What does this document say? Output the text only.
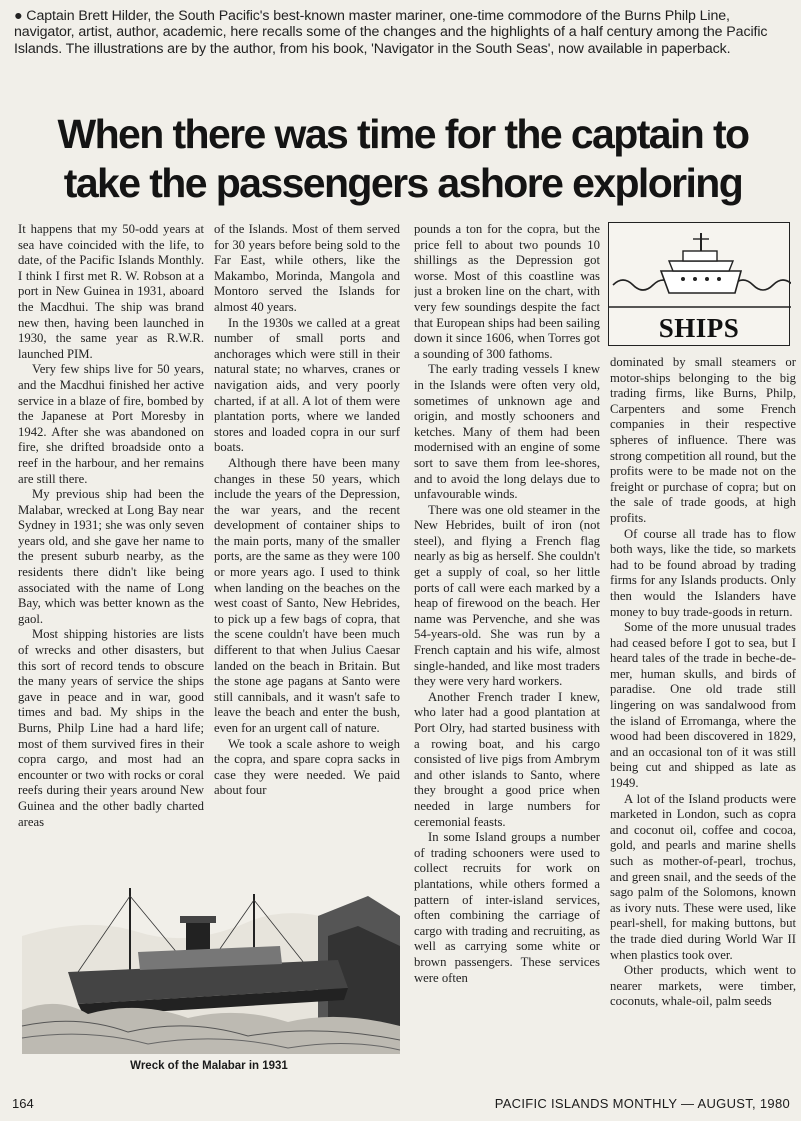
● Captain Brett Hilder, the South Pacific's best-known master mariner, one-time commodore of the Burns Philp Line, navigator, artist, author, academic, here recalls some of the changes and the highlights of a half century among the Pacific Islands. The illustrations are by the author, from his book, 'Navigator in the South Seas', now available in paperback.
When there was time for the captain to take the passengers ashore exploring

It happens that my 50-odd years at sea have coincided with the life, to date, of the Pacific Islands Monthly. I think I first met R. W. Robson at a port in New Guinea in 1931, aboard the Macdhui. The ship was brand new then, having been launched in 1930, the same year as R.W.R. launched PIM.

Very few ships live for 50 years, and the Macdhui finished her active service in a blaze of fire, bombed by the Japanese at Port Moresby in 1942. After she was abandoned on fire, she drifted broadside onto a reef in the harbour, and her remains are still there.

My previous ship had been the Malabar, wrecked at Long Bay near Sydney in 1931; she was only seven years old, and she gave her name to the present suburb nearby, as the residents there didn't like being associated with the name of Long Bay, which was better known as the gaol.

Most shipping histories are lists of wrecks and other disasters, but this sort of record tends to obscure the many years of service the ships gave in peace and in war, good times and bad. My ships in the Burns, Philp Line had a hard life; most of them survived fires in their copra cargo, and most had an encounter or two with rocks or coral reefs during their years around New Guinea and the other badly charted areas

of the Islands. Most of them served for 30 years before being sold to the Far East, while others, like the Makambo, Morinda, Mangola and Montoro served the Islands for almost 40 years.

In the 1930s we called at a great number of small ports and anchorages which were still in their natural state; no wharves, cranes or navigation aids, and very poorly charted, if at all. A lot of them were plantation ports, where we landed stores and loaded copra in our surf boats.

Although there have been many changes in these 50 years, which include the years of the Depression, the war years, and the recent development of container ships to the main ports, many of the smaller ports, are the same as they were 100 or more years ago. I used to think when landing on the beaches on the west coast of Santo, New Hebrides, to pick up a few bags of copra, that the scene couldn't have been much different to that when Julius Caesar landed on the beach in Britain. But the stone age pagans at Santo were still cannibals, and it wasn't safe to leave the beach and enter the bush, even for an urgent call of nature.

We took a scale ashore to weigh the copra, and spare copra sacks in case they were needed. We paid about four

pounds a ton for the copra, but the price fell to about two pounds 10 shillings as the Depression got worse. Most of this coastline was just a broken line on the chart, with very few soundings despite the fact that European ships had been sailing down it since 1606, when Torres got a sounding of 300 fathoms.

The early trading vessels I knew in the Islands were often very old, sometimes of unknown age and origin, and mostly schooners and ketches. Many of them had been modernised with an engine of some sort to save them from lee-shores, and to avoid the long delays due to unfavourable winds.

There was one old steamer in the New Hebrides, built of iron (not steel), and flying a French flag nearly as big as herself. She couldn't get a supply of coal, so her little ports of call were each marked by a heap of firewood on the beach. Her name was Pervenche, and she was 54-years-old. She was run by a French captain and his wife, almost single-handed, and like most traders they were very hard workers.

Another French trader I knew, who later had a good plantation at Port Olry, had started business with a rowing boat, and his cargo consisted of live pigs from Ambrym and other islands to Santo, where they brought a good price when needed in large numbers for ceremonial feasts.

In some Island groups a number of trading schooners were used to collect recruits for work on plantations, while others formed a pattern of inter-island services, often combining the carriage of cargo with trading and recruiting, as well as carrying some white or brown passengers. These services were often

SHIPS

dominated by small steamers or motor-ships belonging to the big trading firms, like Burns, Philp, Carpenters and some French companies in their respective spheres of influence. There was strong competition all round, but the profits were to be made not on the freight or purchase of copra; but on the sale of trade goods, at high profits.

Of course all trade has to flow both ways, like the tide, so markets had to be found abroad by trading firms for any Islands products. Only then would the Islanders have money to buy trade-goods in return.

Some of the more unusual trades had ceased before I got to sea, but I heard tales of the trade in beche-de-mer, human skulls, and birds of paradise. One old trade still lingering on was sandalwood from the island of Erromanga, where the wood had been discovered in 1829, and an occasional ton of it was still being cut and shipped as late as 1949.

A lot of the Island products were marketed in London, such as copra and coconut oil, coffee and cocoa, gold, and pearls and marine shells such as mother-of-pearl, trochus, and green snail, and the seeds of the sago palm of the Solomons, known as ivory nuts. These were used, like pearl-shell, for making buttons, but the trade died during World War II when plastics took over.

Other products, which went to nearer markets, were timber, coconuts, whale-oil, palm seeds

Wreck of the Malabar in 1931
164	PACIFIC ISLANDS MONTHLY — AUGUST, 1980
